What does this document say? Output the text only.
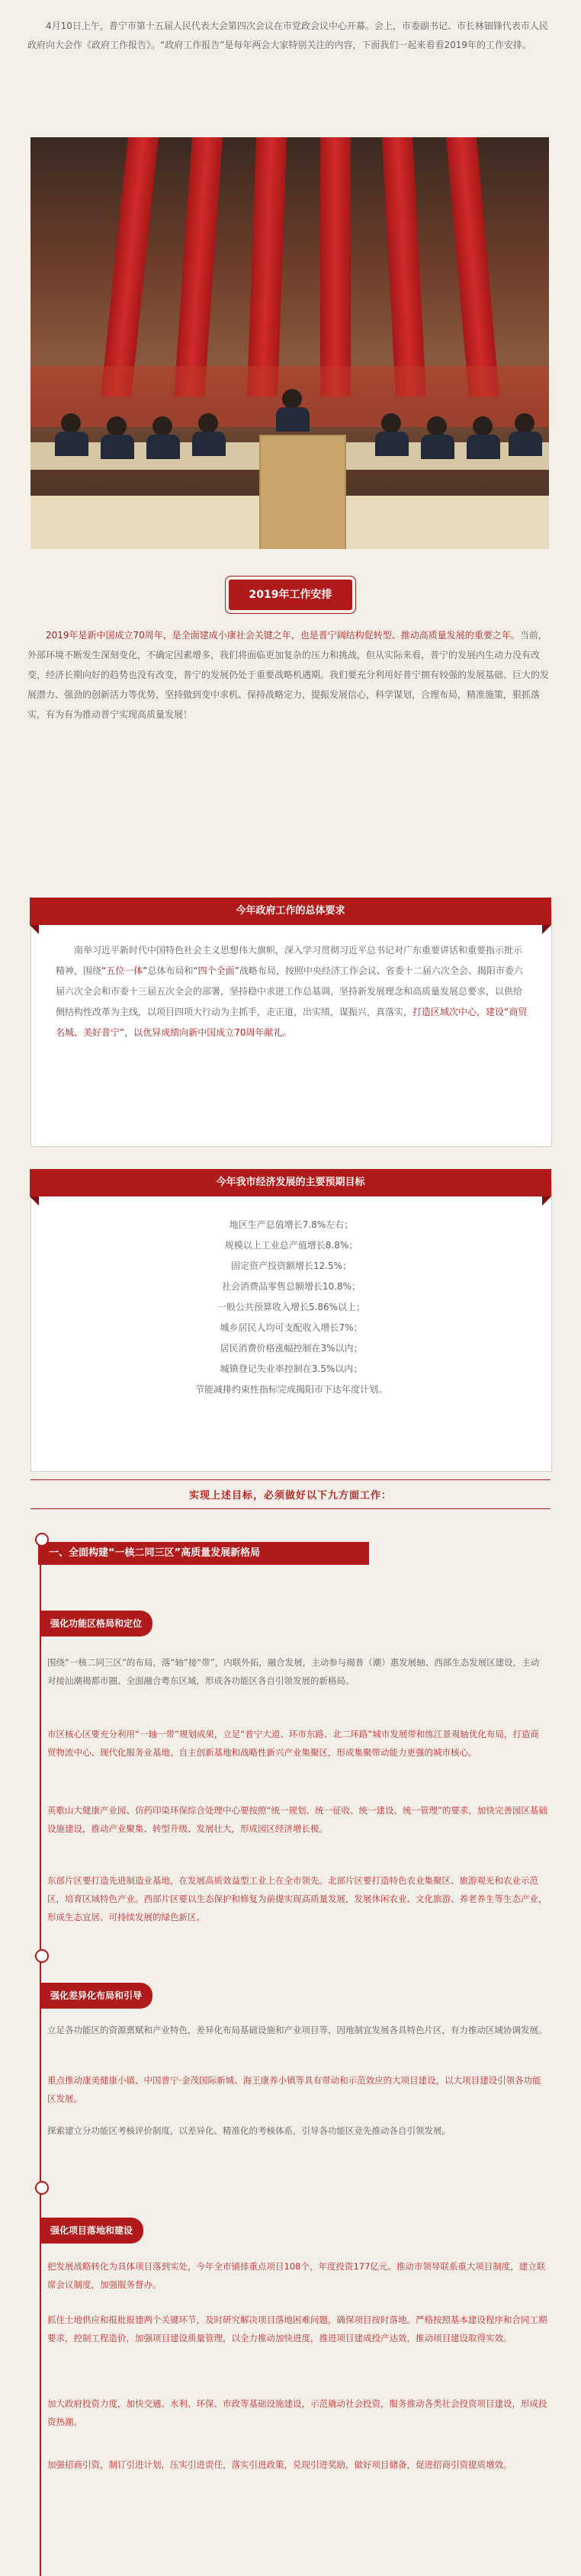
4月10日上午，普宁市第十五届人民代表大会第四次会议在市党政会议中心开幕。会上，市委副书记、市长林钿锋代表市人民政府向大会作《政府工作报告》。“政府工作报告”是每年两会大家特别关注的内容，下面我们一起来看看2019年的工作安排。
2019年工作安排
2019年是新中国成立70周年，是全面建成小康社会关键之年，也是普宁阔结构促转型、推动高质量发展的重要之年。当前，外部环境不断发生深刻变化，不确定因素增多，我们将面临更加复杂的压力和挑战，但从实际来看，普宁的发展内生动力没有改变，经济长期向好的趋势也没有改变，普宁的发展仍处于重要战略机遇期。我们要充分利用好普宁拥有较强的发展基础、巨大的发展潜力、强劲的创新活力等优势，坚持做到变中求机、保持战略定力，提振发展信心，科学谋划，合理布局，精准施策，狠抓落实，有为有为推动普宁实现高质量发展！
今年政府工作的总体要求
南举习近平新时代中国特色社会主义思想伟大旗帜，深入学习贯彻习近平总书记对广东重要讲话和重要指示批示精神，围绕“五位一体”总体布局和“四个全面”战略布局，按照中央经济工作会议、省委十二届六次全会、揭阳市委六届六次全会和市委十三届五次全会的部署，坚持稳中求进工作总基调，坚持新发展理念和高质量发展总要求，以供给侧结构性改革为主线，以项目四项大行动为主抓手，走正道，出实绩，谋振兴，真落实，打造区域次中心，建设“商贸名城、美好普宁”，以优异成绩向新中国成立70周年献礼。
今年我市经济发展的主要预期目标
地区生产总值增长7.8%左右；
规模以上工业总产值增长8.8%；
固定资产投资额增长12.5%；
社会消费品零售总额增长10.8%；
一般公共预算收入增长5.86%以上；
城乡居民人均可支配收入增长7%；
居民消费价格涨幅控制在3%以内；
城镇登记失业率控制在3.5%以内；
节能减排约束性指标完成揭阳市下达年度计划。
实现上述目标，必须做好以下九方面工作：
一、全面构建“一核二同三区”高质量发展新格局
强化功能区格局和定位
围绕“一核二同三区”的布局，落“轴”接“带”，内联外拓，融合发展，主动参与揭普（潮）惠发展轴、西部生态发展区建设，主动对接汕潮揭都市圈、全面融合粤东区域，形成各功能区各自引领发展的新格局。
市区核心区要充分利用“一轴一带”规划成果，立足“普宁大道、环市东路、北二环路”城市发展带和练江景观轴优化布局，打造商贸物流中心、现代化服务业基地、自主创新基地和战略性新兴产业集聚区，形成集聚带动能力更强的城市核心。
英歌山大健康产业园、仿药印染环保综合处理中心要按照“统一规划、统一征收、统一建设、统一管理”的要求，加快完善园区基础设施建设，推动产业聚集、转型升级、发展壮大，形成园区经济增长极。
东部片区要打造先进制造业基地，在发展高质效益型工业上在全市领先。北部片区要打造特色农业集聚区、旅游观光和农业示范区，培育区域特色产业。西部片区要以生态保护和修复为前提实现高质量发展，发展休闲农业、文化旅游、养老养生等生态产业，形成生态宜居、可持续发展的绿色新区。
强化差异化布局和引导
立足各功能区的资源禀赋和产业特色，差异化布局基础设施和产业项目等，因地制宜发展各具特色片区，有力推动区域协调发展。
重点推动康美健康小镇、中国普宁·金茂国际新城、海王康养小镇等具有带动和示范效应的大项目建设，以大项目建设引领各功能区发展。
探索建立分功能区考核评价制度，以差异化、精准化的考核体系，引导各功能区竞先推动各自引领发展。
强化项目落地和建设
把发展战略转化为具体项目落到实处，今年全市铺排重点项目108个，年度投资177亿元。推动市领导联系重大项目制度，建立联席会议制度，加强服务督办。
抓住土地供应和报批报建两个关键环节，及时研究解决项目落地困难问题，确保项目按时落地。严格按照基本建设程序和合同工期要求，控制工程造价，加强项目建设质量管理，以全力推动加快进度，推进项目建成投产达效，推动项目建设取得实效。
加大政府投资力度，加快交通、水利、环保、市政等基础设施建设，示范撬动社会投资，服务推动各类社会投资项目建设，形成投资热潮。
加强招商引资，制订引进计划，压实引进责任，落实引进政策，兑现引进奖励，做好项目储备，促进招商引资提质增效。
